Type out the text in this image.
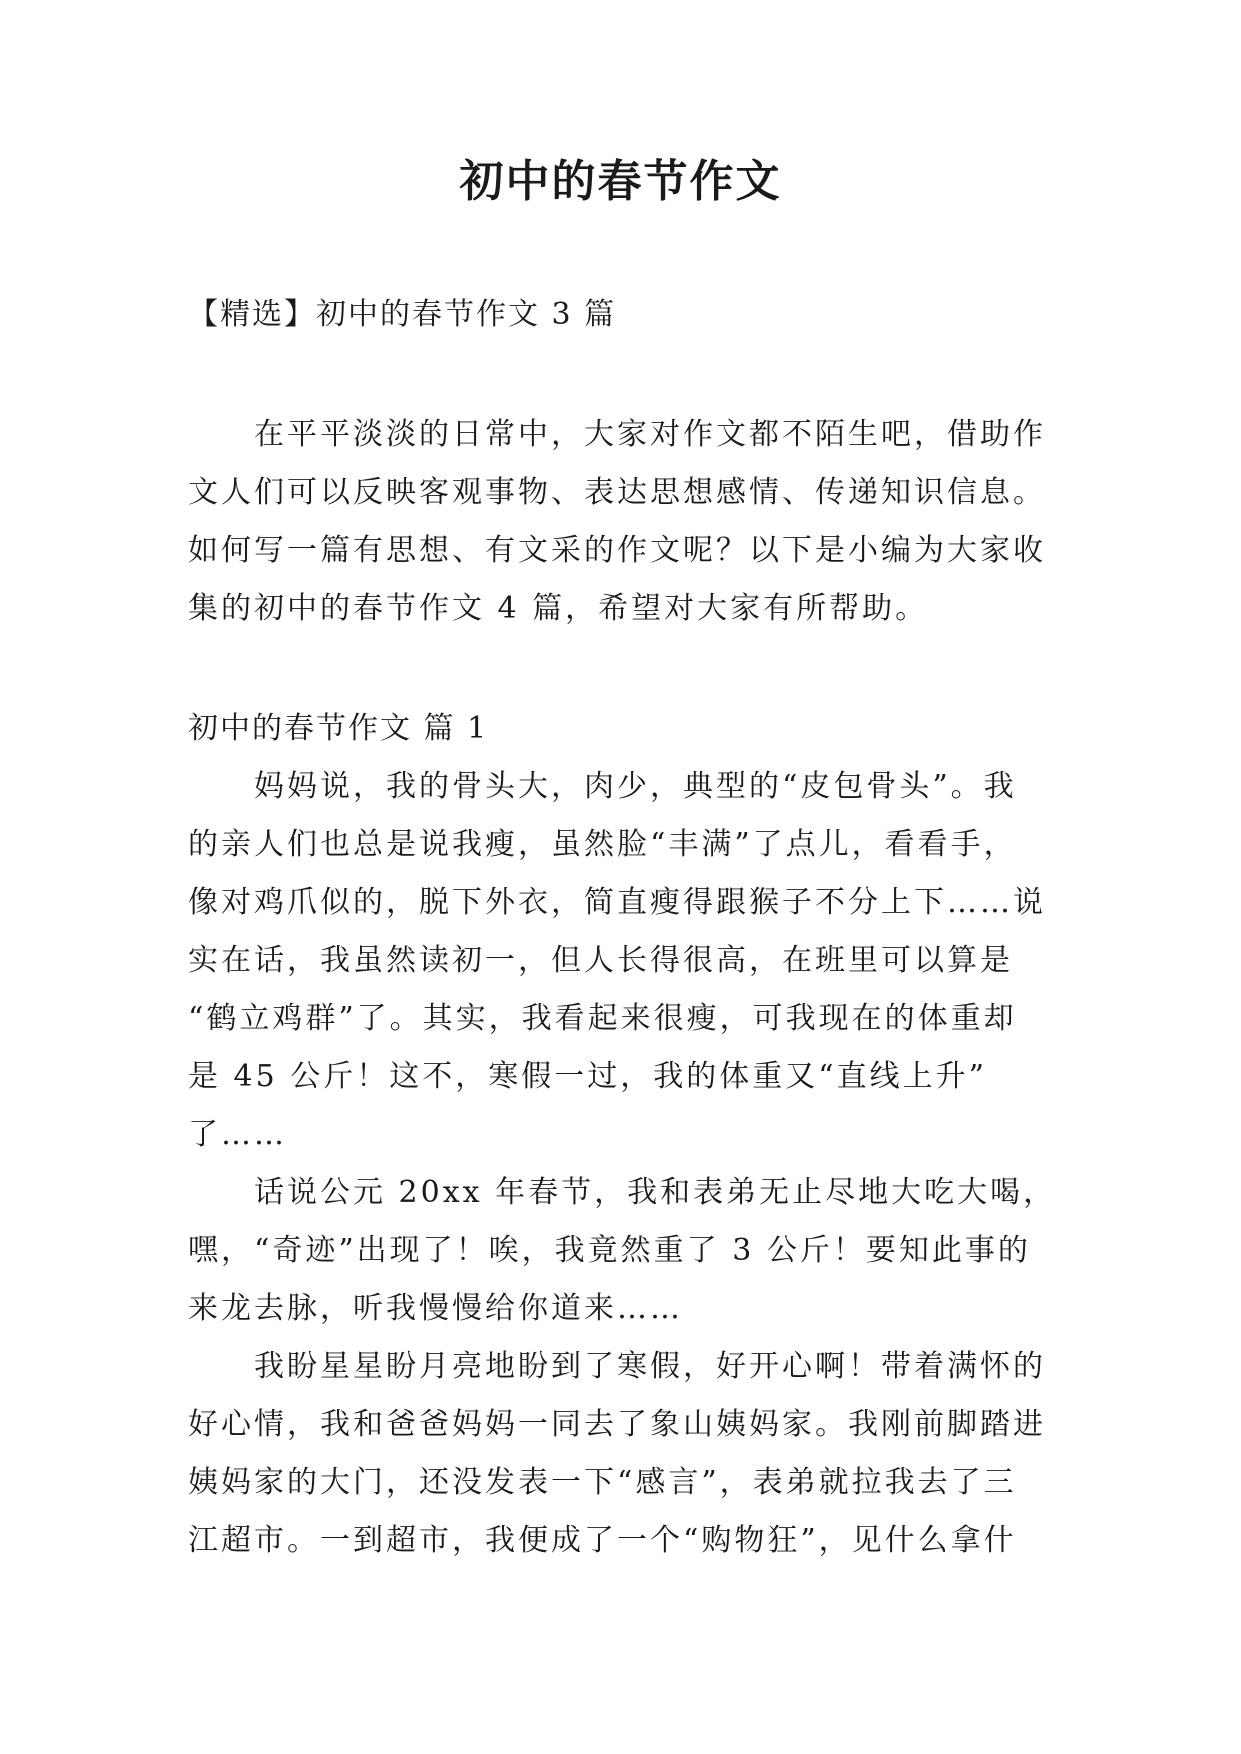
初中的春节作文
【精选】初中的春节作文 3 篇
在平平淡淡的日常中，大家对作文都不陌生吧，借助作
文人们可以反映客观事物、表达思想感情、传递知识信息。
如何写一篇有思想、有文采的作文呢？以下是小编为大家收
集的初中的春节作文 4 篇，希望对大家有所帮助。
初中的春节作文 篇 1
妈妈说，我的骨头大，肉少，典型的“皮包骨头”。我
的亲人们也总是说我瘦，虽然脸“丰满”了点儿，看看手，
像对鸡爪似的，脱下外衣，简直瘦得跟猴子不分上下……说
实在话，我虽然读初一，但人长得很高，在班里可以算是
“鹤立鸡群”了。其实，我看起来很瘦，可我现在的体重却
是 45 公斤！这不，寒假一过，我的体重又“直线上升”
了……
话说公元 20xx 年春节，我和表弟无止尽地大吃大喝，
嘿，“奇迹”出现了！唉，我竟然重了 3 公斤！要知此事的
来龙去脉，听我慢慢给你道来……
我盼星星盼月亮地盼到了寒假，好开心啊！带着满怀的
好心情，我和爸爸妈妈一同去了象山姨妈家。我刚前脚踏进
姨妈家的大门，还没发表一下“感言”，表弟就拉我去了三
江超市。一到超市，我便成了一个“购物狂”，见什么拿什
